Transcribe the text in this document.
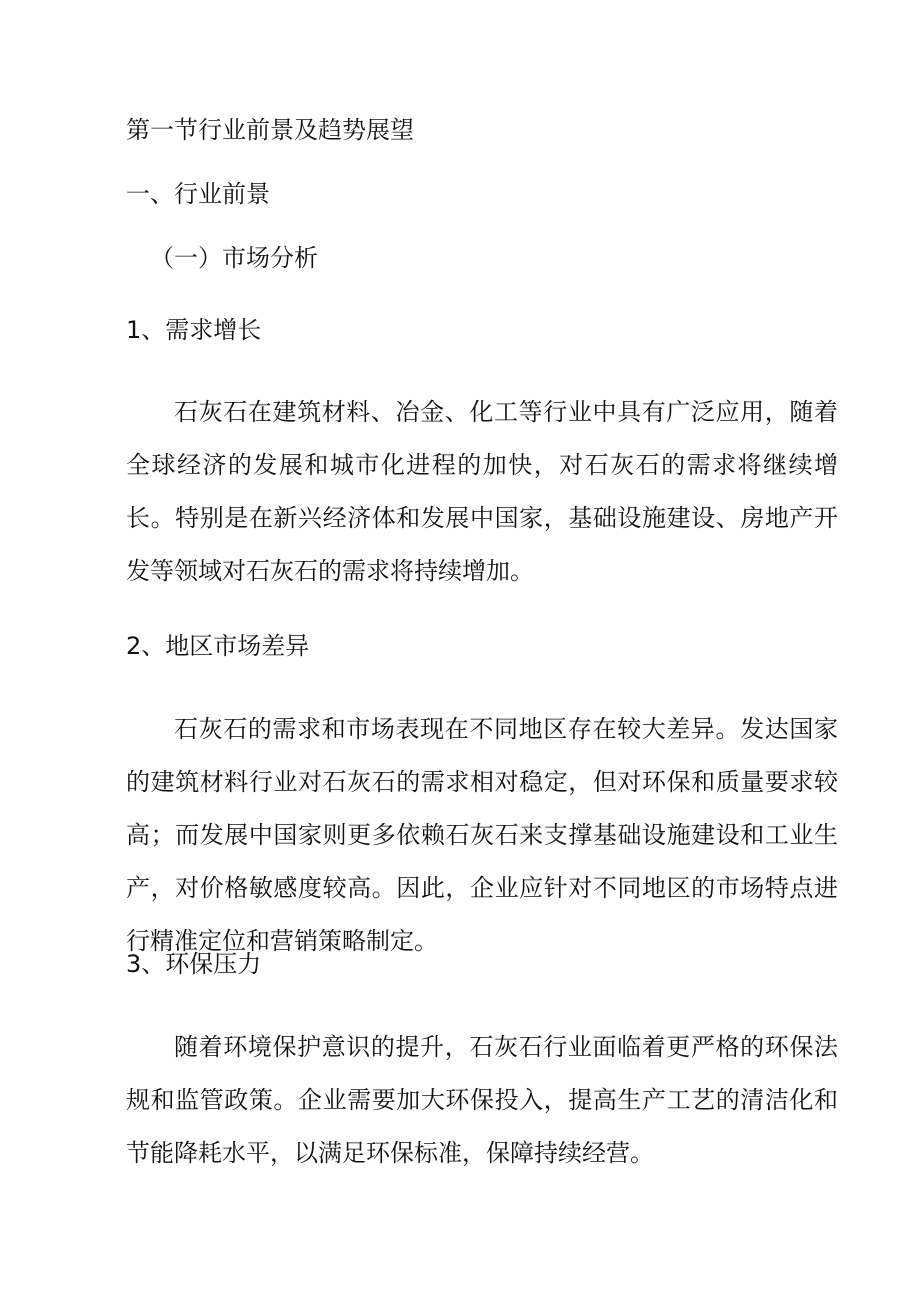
第一节行业前景及趋势展望
一、行业前景
（一）市场分析
1、需求增长
石灰石在建筑材料、冶金、化工等行业中具有广泛应用，随着全球经济的发展和城市化进程的加快，对石灰石的需求将继续增长。特别是在新兴经济体和发展中国家，基础设施建设、房地产开发等领域对石灰石的需求将持续增加。
2、地区市场差异
石灰石的需求和市场表现在不同地区存在较大差异。发达国家的建筑材料行业对石灰石的需求相对稳定，但对环保和质量要求较高；而发展中国家则更多依赖石灰石来支撑基础设施建设和工业生产，对价格敏感度较高。因此，企业应针对不同地区的市场特点进行精准定位和营销策略制定。
3、环保压力
随着环境保护意识的提升，石灰石行业面临着更严格的环保法规和监管政策。企业需要加大环保投入，提高生产工艺的清洁化和节能降耗水平，以满足环保标准，保障持续经营。
